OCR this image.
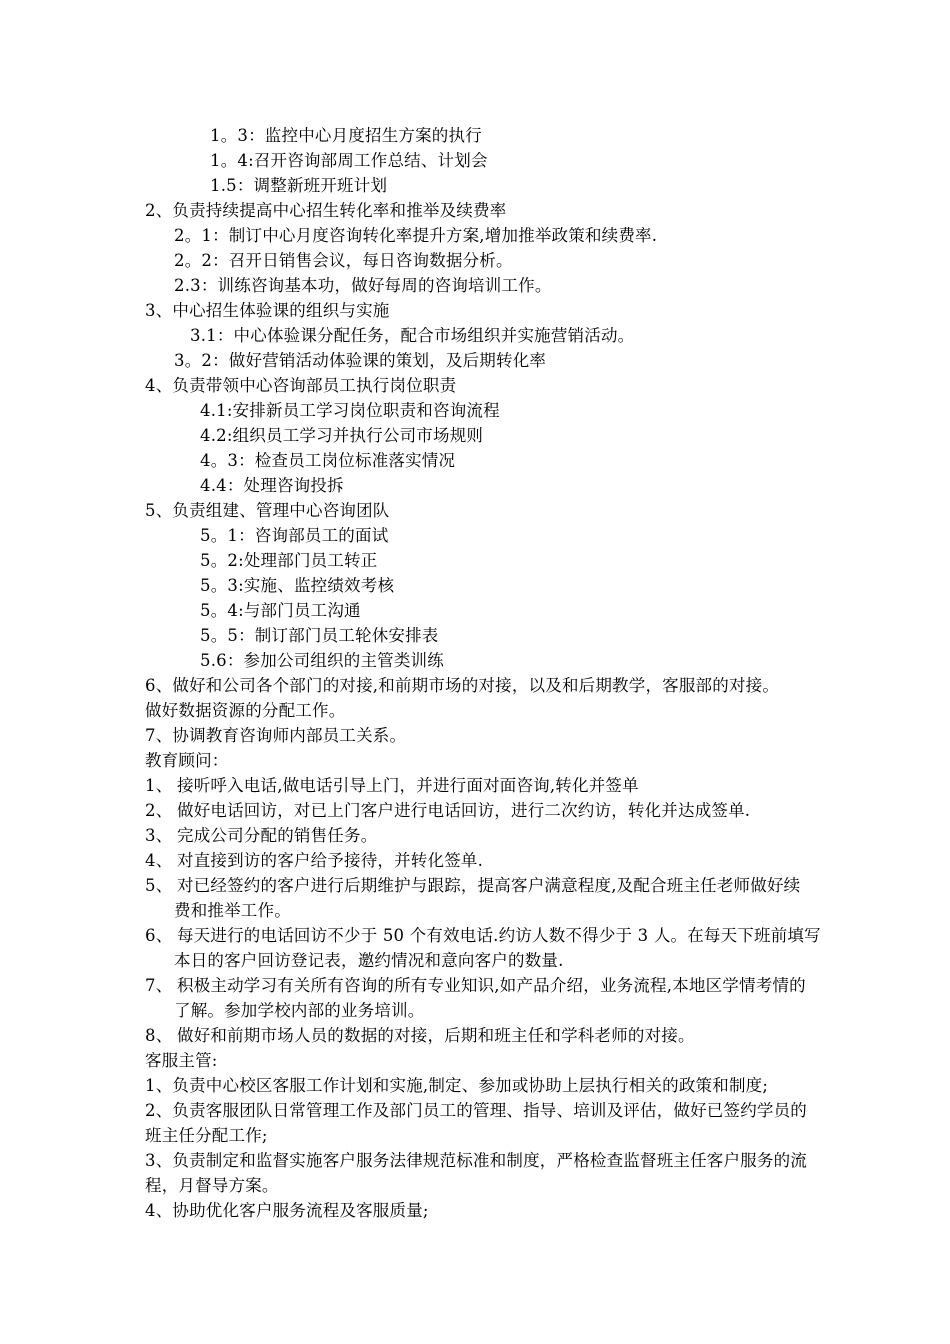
1。3：监控中心月度招生方案的执行
1。4:召开咨询部周工作总结、计划会
1.5：调整新班开班计划
2、负责持续提高中心招生转化率和推举及续费率
2。1：制订中心月度咨询转化率提升方案,增加推举政策和续费率.
2。2：召开日销售会议，每日咨询数据分析。
2.3：训练咨询基本功，做好每周的咨询培训工作。
3、中心招生体验课的组织与实施
3.1：中心体验课分配任务，配合市场组织并实施营销活动。
3。2：做好营销活动体验课的策划，及后期转化率
4、负责带领中心咨询部员工执行岗位职责
4.1:安排新员工学习岗位职责和咨询流程
4.2:组织员工学习并执行公司市场规则
4。3：检查员工岗位标准落实情况
4.4：处理咨询投拆
5、负责组建、管理中心咨询团队
5。1：咨询部员工的面试
5。2:处理部门员工转正
5。3:实施、监控绩效考核
5。4:与部门员工沟通
5。5：制订部门员工轮休安排表
5.6：参加公司组织的主管类训练
6、做好和公司各个部门的对接,和前期市场的对接，以及和后期教学，客服部的对接。
做好数据资源的分配工作。
7、协调教育咨询师内部员工关系。
教育顾问：
1、 接听呼入电话,做电话引导上门，并进行面对面咨询,转化并签单
2、 做好电话回访，对已上门客户进行电话回访，进行二次约访，转化并达成签单.
3、 完成公司分配的销售任务。
4、 对直接到访的客户给予接待，并转化签单.
5、 对已经签约的客户进行后期维护与跟踪，提高客户满意程度,及配合班主任老师做好续
费和推举工作。
6、 每天进行的电话回访不少于 50 个有效电话.约访人数不得少于 3 人。在每天下班前填写
本日的客户回访登记表，邀约情况和意向客户的数量.
7、 积极主动学习有关所有咨询的所有专业知识,如产品介绍，业务流程,本地区学情考情的
了解。参加学校内部的业务培训。
8、 做好和前期市场人员的数据的对接，后期和班主任和学科老师的对接。
客服主管:
1、负责中心校区客服工作计划和实施,制定、参加或协助上层执行相关的政策和制度;
2、负责客服团队日常管理工作及部门员工的管理、指导、培训及评估，做好已签约学员的
班主任分配工作;
3、负责制定和监督实施客户服务法律规范标准和制度，严格检查监督班主任客户服务的流
程，月督导方案。
4、协助优化客户服务流程及客服质量;
